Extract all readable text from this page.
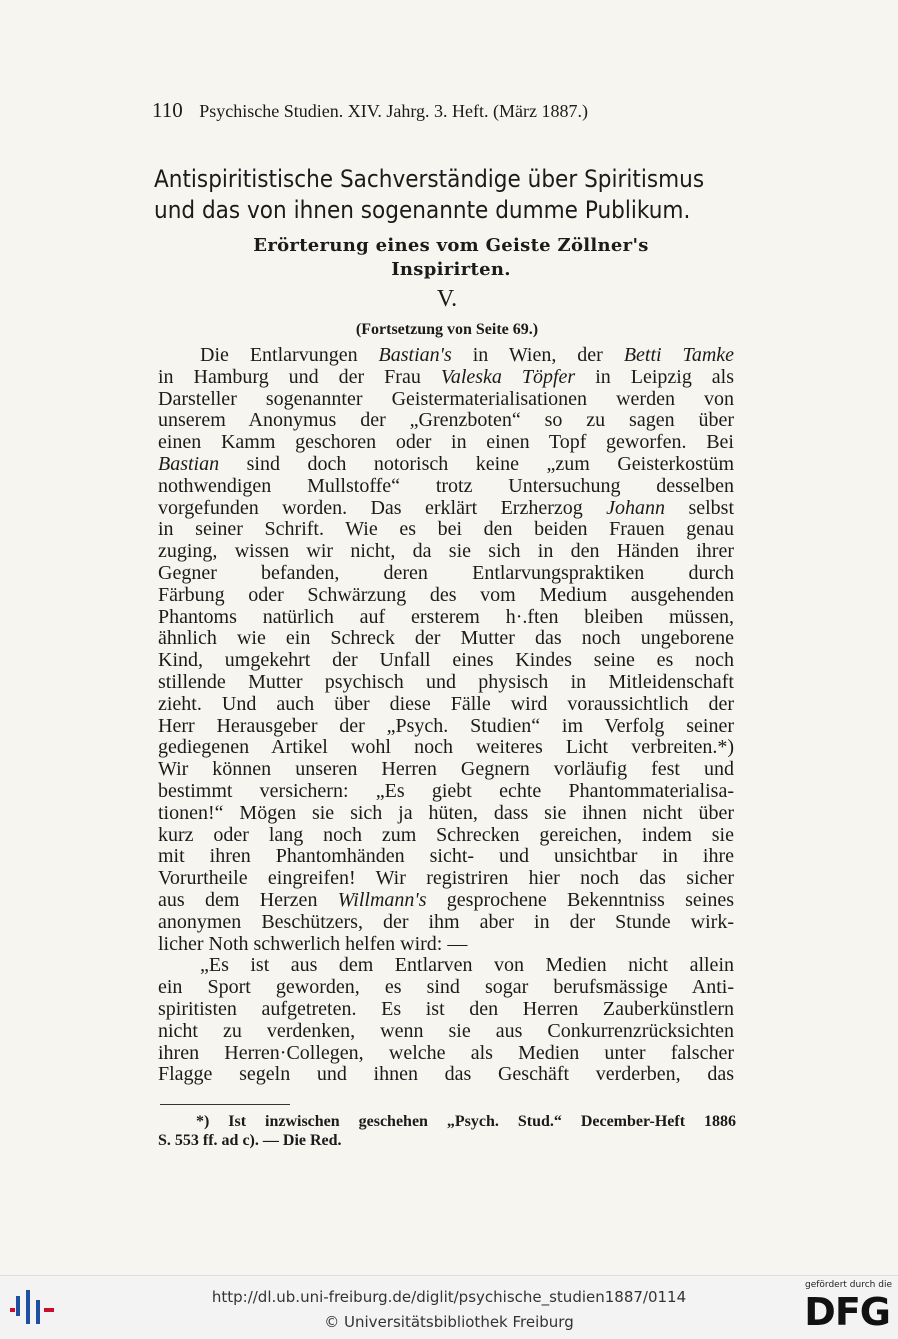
110 Psychische Studien. XIV. Jahrg. 3. Heft. (März 1887.)
Antispiritistische Sachverständige über Spiritismus
und das von ihnen sogenannte dumme Publikum.
Erörterung eines vom Geiste Zöllner's
Inspirirten.
V.
(Fortsetzung von Seite 69.)
Die Entlarvungen Bastian's in Wien, der Betti Tamke
in Hamburg und der Frau Valeska Töpfer in Leipzig als
Darsteller sogenannter Geistermaterialisationen werden von
unserem Anonymus der „Grenzboten“ so zu sagen über
einen Kamm geschoren oder in einen Topf geworfen. Bei
Bastian sind doch notorisch keine „zum Geisterkostüm
nothwendigen Mullstoffe“ trotz Untersuchung desselben
vorgefunden worden. Das erklärt Erzherzog Johann selbst
in seiner Schrift. Wie es bei den beiden Frauen genau
zuging, wissen wir nicht, da sie sich in den Händen ihrer
Gegner befanden, deren Entlarvungspraktiken durch
Färbung oder Schwärzung des vom Medium ausgehenden
Phantoms natürlich auf ersterem h·.ften bleiben müssen,
ähnlich wie ein Schreck der Mutter das noch ungeborene
Kind, umgekehrt der Unfall eines Kindes seine es noch
stillende Mutter psychisch und physisch in Mitleidenschaft
zieht. Und auch über diese Fälle wird voraussichtlich der
Herr Herausgeber der „Psych. Studien“ im Verfolg seiner
gediegenen Artikel wohl noch weiteres Licht verbreiten.*)
Wir können unseren Herren Gegnern vorläufig fest und
bestimmt versichern: „Es giebt echte Phantommaterialisa-
tionen!“ Mögen sie sich ja hüten, dass sie ihnen nicht über
kurz oder lang noch zum Schrecken gereichen, indem sie
mit ihren Phantomhänden sicht- und unsichtbar in ihre
Vorurtheile eingreifen! Wir registriren hier noch das sicher
aus dem Herzen Willmann's gesprochene Bekenntniss seines
anonymen Beschützers, der ihm aber in der Stunde wirk-
licher Noth schwerlich helfen wird: —
„Es ist aus dem Entlarven von Medien nicht allein
ein Sport geworden, es sind sogar berufsmässige Anti-
spiritisten aufgetreten. Es ist den Herren Zauberkünstlern
nicht zu verdenken, wenn sie aus Conkurrenzrücksichten
ihren Herren·Collegen, welche als Medien unter falscher
Flagge segeln und ihnen das Geschäft verderben, das
*) Ist inzwischen geschehen „Psych. Stud.“ December-Heft 1886
S. 553 ff. ad c). — Die Red.
http://dl.ub.uni-freiburg.de/diglit/psychische_studien1887/0114
© Universitätsbibliothek Freiburg
gefördert durch die
DFG
